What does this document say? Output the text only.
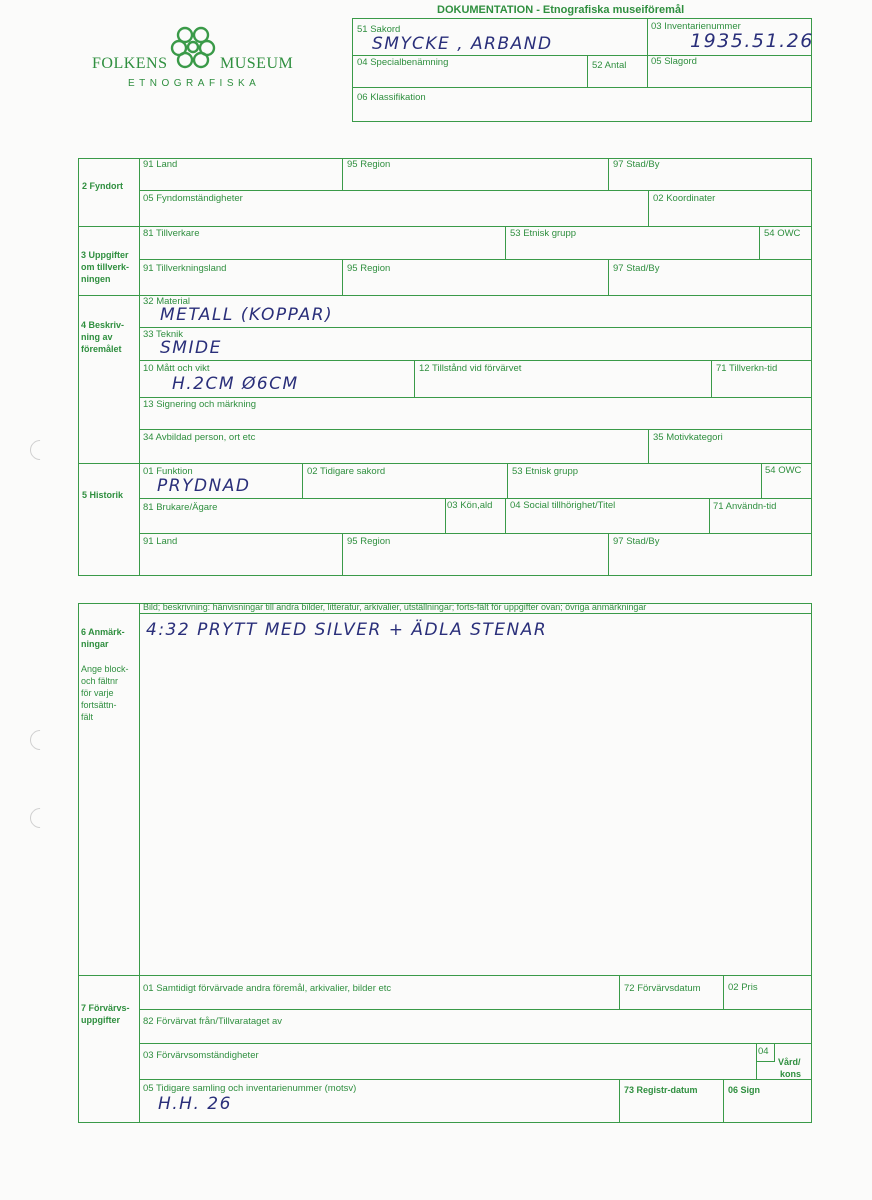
FOLKENS	MUSEUM
ETNOGRAFISKA
DOKUMENTATION - Etnografiska museiföremål
51 Sakord
SMYCKE , ARBAND
03 Inventarienummer
1935.51.26
04 Specialbenämning	52 Antal	05 Slagord
06 Klassifikation
2 Fyndort
91 Land	95 Region	97 Stad/By
05 Fyndomständigheter	02 Koordinater
3 Uppgifter
om tillverk-
ningen
81 Tillverkare	53 Etnisk grupp	54 OWC
91 Tillverkningsland	95 Region	97 Stad/By
4 Beskriv-
ning av
föremålet
32 Material
METALL (KOPPAR)
33 Teknik
SMIDE
10 Mått och vikt
H.2CM Ø6CM
12 Tillstånd vid förvärvet	71 Tillverkn-tid
13 Signering och märkning
34 Avbildad person, ort etc	35 Motivkategori
5 Historik
01 Funktion
PRYDNAD
02 Tidigare sakord	53 Etnisk grupp	54 OWC
81 Brukare/Ägare	03 Kön,ald 04 Social tillhörighet/Titel	71 Användn-tid
91 Land	95 Region	97 Stad/By
6 Anmärk-
ningar
Ange block-
och fältnr
för varje
fortsättn-
fält
Bild; beskrivning: hänvisningar till andra bilder, litteratur, arkivalier, utställningar; forts-fält för uppgifter ovan; övriga anmärkningar
4:32 PRYTT MED SILVER + ÄDLA STENAR
7 Förvärvs-
uppgifter
01 Samtidigt förvärvade andra föremål, arkivalier, bilder etc	72 Förvärvsdatum	02 Pris
82 Förvärvat från/Tillvarataget av
03 Förvärvsomständigheter	04
Vård/
kons
05 Tidigare samling och inventarienummer (motsv)
H.H. 26
73 Registr-datum	06 Sign
